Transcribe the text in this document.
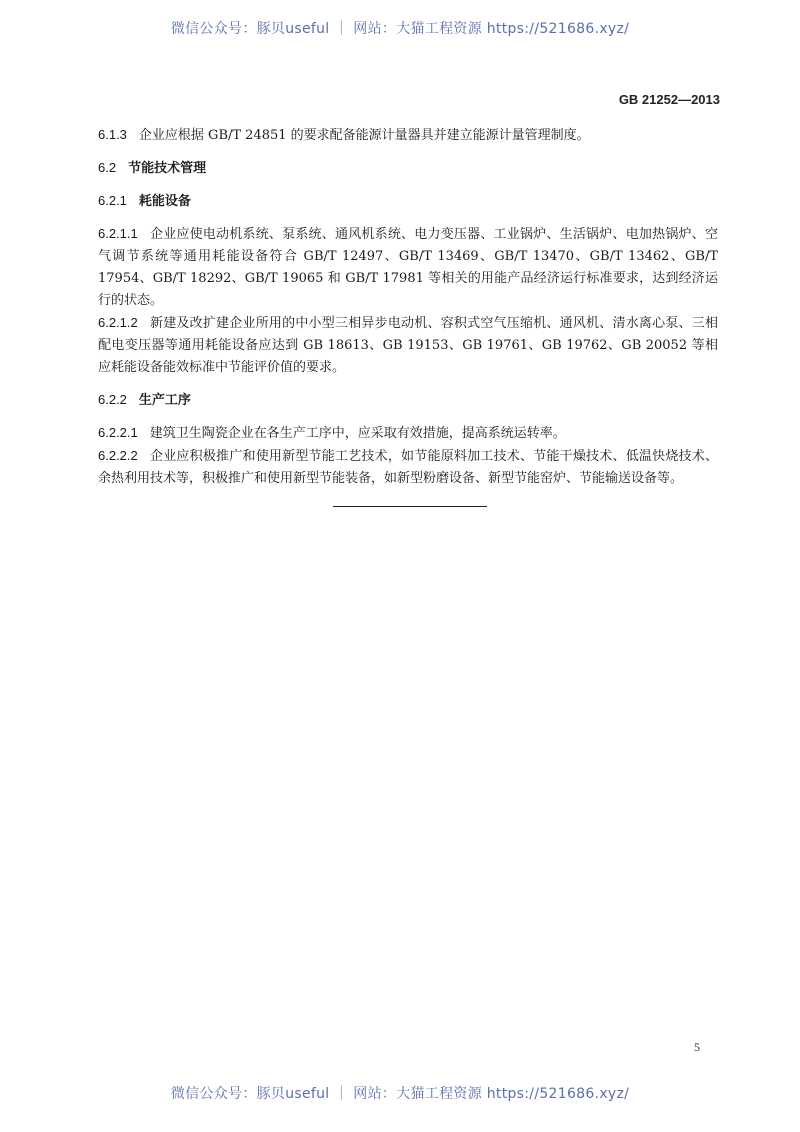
微信公众号：豚贝useful ｜ 网站：大猫工程资源 https://521686.xyz/
GB 21252—2013

6.1.3 企业应根据 GB/T 24851 的要求配备能源计量器具并建立能源计量管理制度。

6.2 节能技术管理

6.2.1 耗能设备

6.2.1.1 企业应使电动机系统、泵系统、通风机系统、电力变压器、工业锅炉、生活锅炉、电加热锅炉、空气调节系统等通用耗能设备符合 GB/T 12497、GB/T 13469、GB/T 13470、GB/T 13462、GB/T 17954、GB/T 18292、GB/T 19065 和 GB/T 17981 等相关的用能产品经济运行标准要求，达到经济运行的状态。

6.2.1.2 新建及改扩建企业所用的中小型三相异步电动机、容积式空气压缩机、通风机、清水离心泵、三相配电变压器等通用耗能设备应达到 GB 18613、GB 19153、GB 19761、GB 19762、GB 20052 等相应耗能设备能效标准中节能评价值的要求。

6.2.2 生产工序

6.2.2.1 建筑卫生陶瓷企业在各生产工序中，应采取有效措施，提高系统运转率。

6.2.2.2 企业应积极推广和使用新型节能工艺技术，如节能原料加工技术、节能干燥技术、低温快烧技术、余热利用技术等，积极推广和使用新型节能装备，如新型粉磨设备、新型节能窑炉、节能输送设备等。

5
微信公众号：豚贝useful ｜ 网站：大猫工程资源 https://521686.xyz/
